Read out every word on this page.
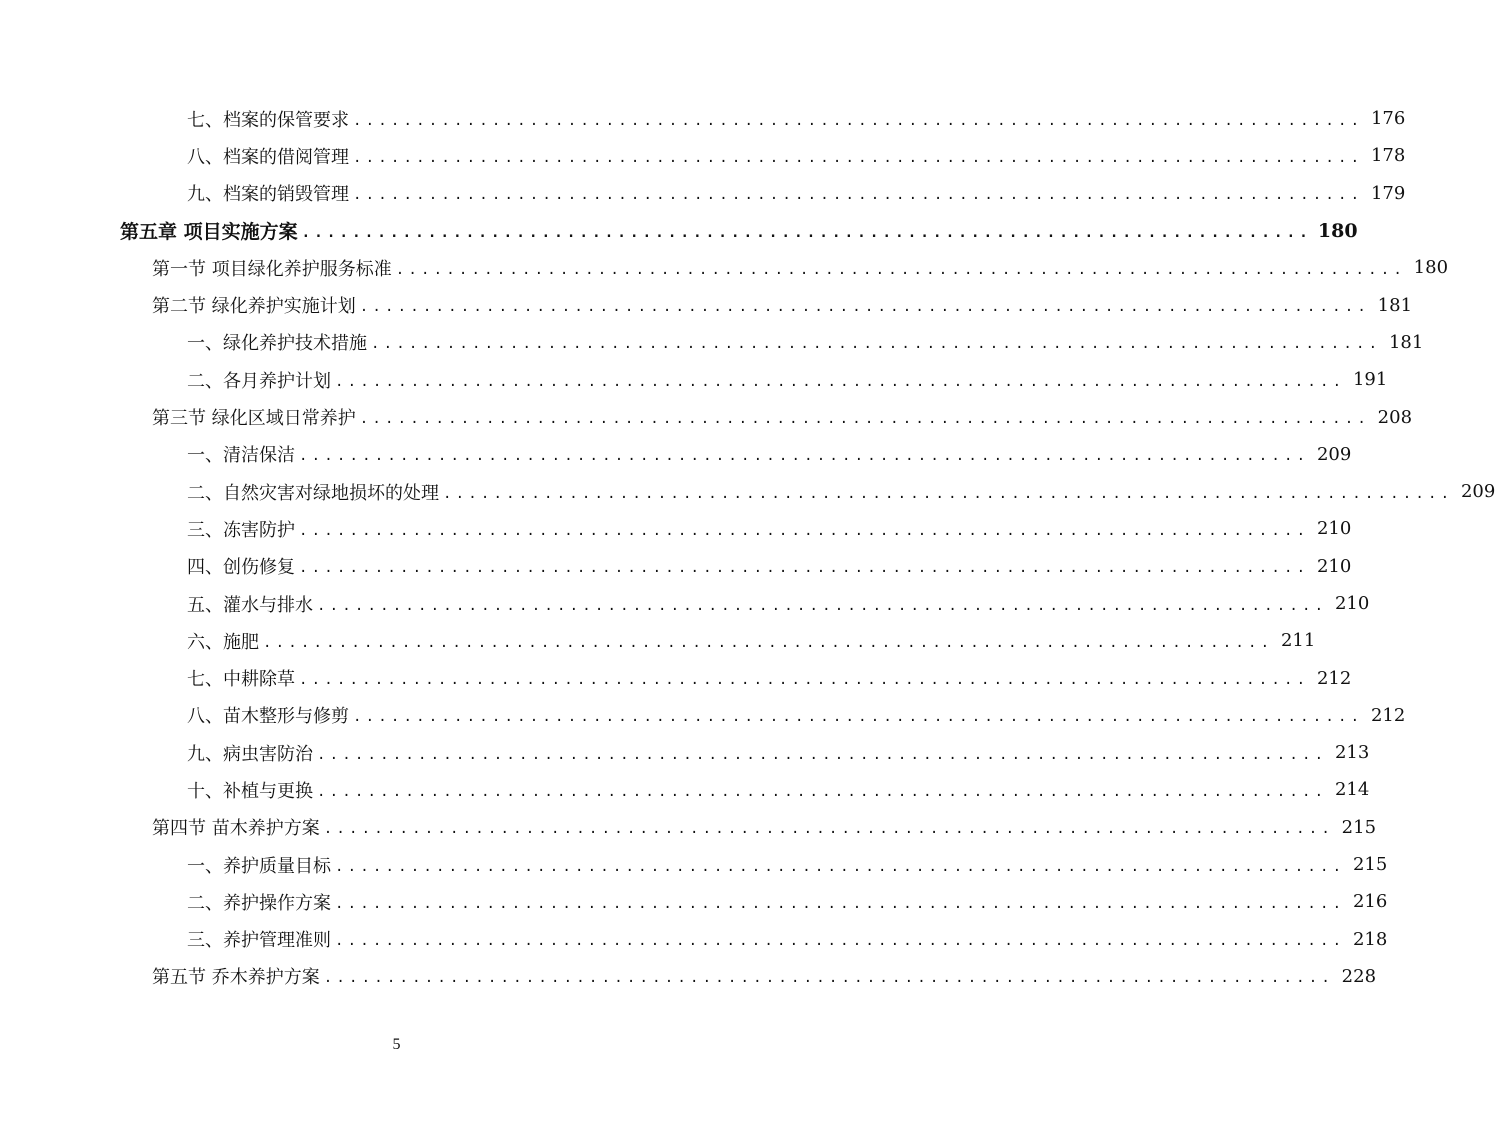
七、档案的保管要求 ................................................................................ 176
八、档案的借阅管理 ................................................................................ 178
九、档案的销毁管理 ................................................................................ 179
第五章 项目实施方案 ................................................................................ 180
第一节 项目绿化养护服务标准 ................................................................................ 180
第二节 绿化养护实施计划 ................................................................................ 181
一、绿化养护技术措施 ................................................................................ 181
二、各月养护计划 ................................................................................ 191
第三节 绿化区域日常养护 ................................................................................ 208
一、清洁保洁 ................................................................................ 209
二、自然灾害对绿地损坏的处理 ................................................................................ 209
三、冻害防护 ................................................................................ 210
四、创伤修复 ................................................................................ 210
五、灌水与排水 ................................................................................ 210
六、施肥 ................................................................................ 211
七、中耕除草 ................................................................................ 212
八、苗木整形与修剪 ................................................................................ 212
九、病虫害防治 ................................................................................ 213
十、补植与更换 ................................................................................ 214
第四节 苗木养护方案 ................................................................................ 215
一、养护质量目标 ................................................................................ 215
二、养护操作方案 ................................................................................ 216
三、养护管理准则 ................................................................................ 218
第五节 乔木养护方案 ................................................................................ 228
5
